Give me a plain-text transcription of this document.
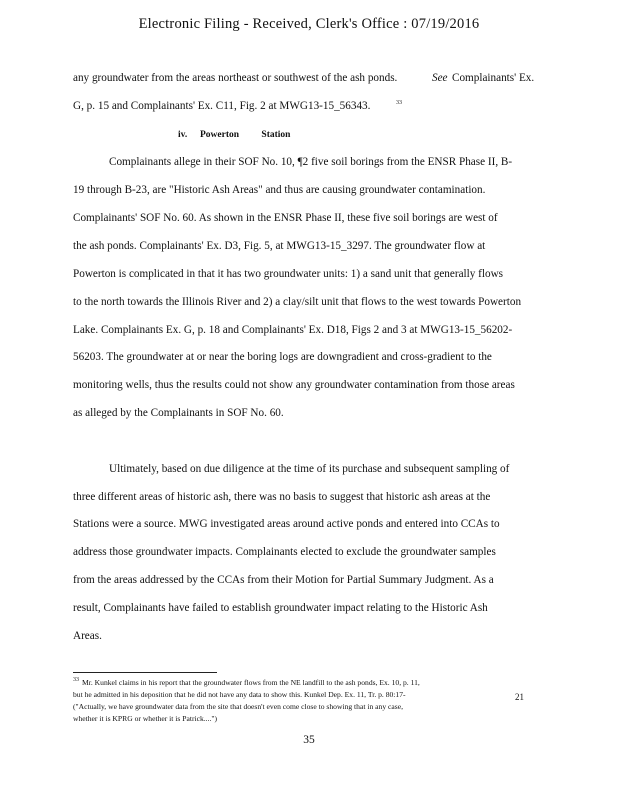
Electronic Filing - Received, Clerk's Office : 07/19/2016
any groundwater from the areas northeast or southwest of the ash ponds.	See Complainants' Ex.
G, p. 15 and Complainants' Ex. C11, Fig. 2 at MWG13-15_56343.	33
iv. Powerton Station
Complainants allege in their SOF No. 10, ¶2 five soil borings from the ENSR Phase II, B-
19 through B-23, are "Historic Ash Areas" and thus are causing groundwater contamination.
Complainants' SOF No. 60. As shown in the ENSR Phase II, these five soil borings are west of
the ash ponds. Complainants' Ex. D3, Fig. 5, at MWG13-15_3297. The groundwater flow at
Powerton is complicated in that it has two groundwater units: 1) a sand unit that generally flows
to the north towards the Illinois River and 2) a clay/silt unit that flows to the west towards Powerton
Lake. Complainants Ex. G, p. 18 and Complainants' Ex. D18, Figs 2 and 3 at MWG13-15_56202-
56203. The groundwater at or near the boring logs are downgradient and cross-gradient to the
monitoring wells, thus the results could not show any groundwater contamination from those areas
as alleged by the Complainants in SOF No. 60.
Ultimately, based on due diligence at the time of its purchase and subsequent sampling of
three different areas of historic ash, there was no basis to suggest that historic ash areas at the
Stations were a source. MWG investigated areas around active ponds and entered into CCAs to
address those groundwater impacts. Complainants elected to exclude the groundwater samples
from the areas addressed by the CCAs from their Motion for Partial Summary Judgment. As a
result, Complainants have failed to establish groundwater impact relating to the Historic Ash
Areas.
33 Mr. Kunkel claims in his report that the groundwater flows from the NE landfill to the ash ponds, Ex. 10, p. 11,
but he admitted in his deposition that he did not have any data to show this. Kunkel Dep. Ex. 11, Tr. p. 80:17-	21
("Actually, we have groundwater data from the site that doesn't even come close to showing that in any case,
whether it is KPRG or whether it is Patrick....")
35
